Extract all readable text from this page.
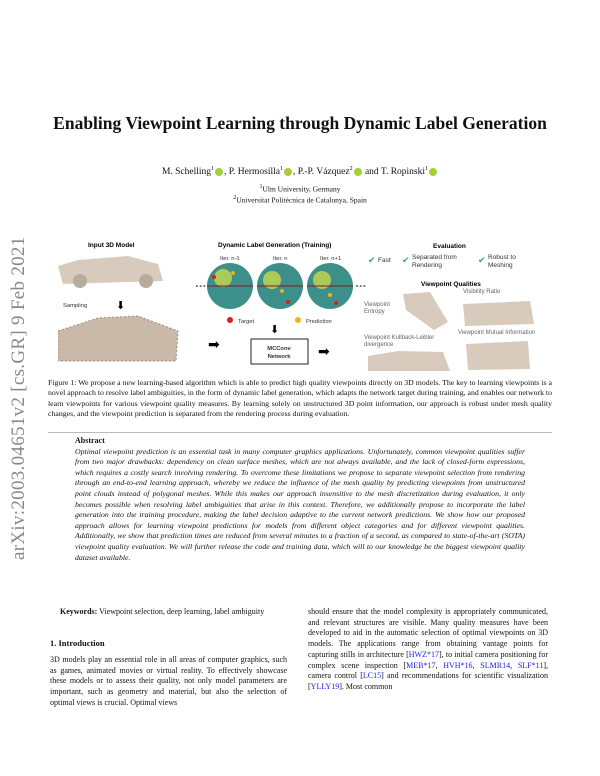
arXiv:2003.04651v2 [cs.GR] 9 Feb 2021
Enabling Viewpoint Learning through Dynamic Label Generation
M. Schelling$^1$ , P. Hermosilla$^1$ , P.-P. Vázquez$^2$ and T. Ropinski$^1$
$^1$Ulm University, Germany
$^2$Universitat Politècnica de Catalunya, Spain
Input 3D Model
Sampling	⬇
➡
Dynamic Label Generation (Training)
Iter. n-1	Iter. n	Iter. n+1
∘∘∘	∘∘∘
Target	Prediction
⬇
MCConv
Network ➡
Evaluation
Viewpoint Qualities
✔ Fast	✔ Separated from Rendering	✔ Robust to Meshing
Visibility Ratio
Viewpoint Entropy
Viewpoint Mutual Information
Viewpoint Kullback-Leibler divergence
Figure 1: We propose a new learning-based algorithm which is able to predict high quality viewpoints directly on 3D models. The key to learning viewpoints is a novel approach to resolve label ambiguities, in the form of dynamic label generation, which adapts the network target during training, and enables our network to learn viewpoints for various viewpoint quality measures. By learning solely on unstructured 3D point information, our approach is robust under mesh quality changes, and the viewpoint prediction is separated from the rendering process during evaluation.
Abstract

Optimal viewpoint prediction is an essential task in many computer graphics applications. Unfortunately, common viewpoint qualities suffer from two major drawbacks: dependency on clean surface meshes, which are not always available, and the lack of closed-form expressions, which requires a costly search involving rendering. To overcome these limitations we propose to separate viewpoint selection from rendering through an end-to-end learning approach, whereby we reduce the influence of the mesh quality by predicting viewpoints from unstructured point clouds instead of polygonal meshes. While this makes our approach insensitive to the mesh discretization during evaluation, it only becomes possible when resolving label ambiguities that arise in this context. Therefore, we additionally propose to incorporate the label generation into the training procedure, making the label decision adaptive to the current network predictions. We show how our proposed approach allows for learning viewpoint predictions for models from different object categories and for different viewpoint qualities. Additionally, we show that prediction times are reduced from several minutes to a fraction of a second, as compared to state-of-the-art (SOTA) viewpoint quality evaluation. We will further release the code and training data, which will to our knowledge be the biggest viewpoint quality dataset available.

Keywords: Viewpoint selection, deep learning, label ambiguity
1. Introduction
3D models play an essential role in all areas of computer graphics, such as games, animated movies or virtual reality. To effectively showcase these models or to assess their quality, not only model parameters are important, such as geometry and material, but also the selection of optimal views is crucial. Optimal views
should ensure that the model complexity is appropriately communicated, and relevant structures are visible. Many quality measures have been developed to aid in the automatic selection of optimal viewpoints on 3D models. The applications range from obtaining vantage points for capturing stills in architecture [HWZ*17], to initial camera positioning for complex scene inspection [MEB*17, HVH*16, SLMR14, SLF*11], camera control [LC15] and recommendations for scientific visualization [YLLY19]. Most common
